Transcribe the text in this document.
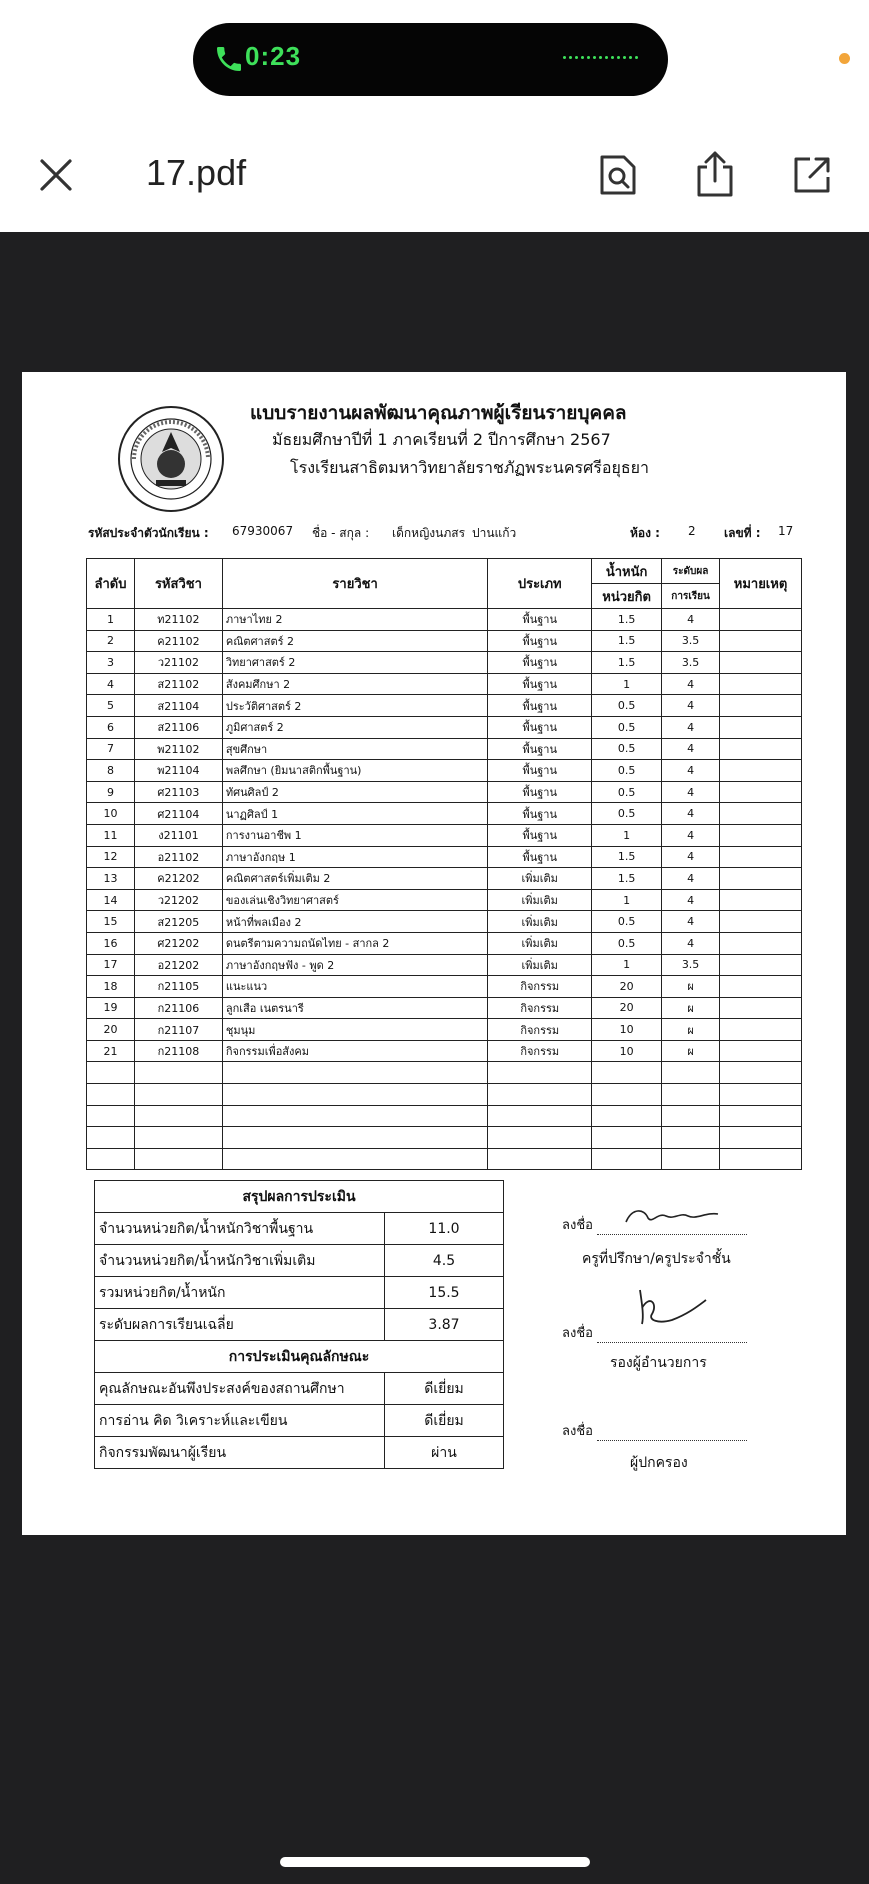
0:23
17.pdf
แบบรายงานผลพัฒนาคุณภาพผู้เรียนรายบุคคล
มัธยมศึกษาปีที่ 1 ภาคเรียนที่ 2 ปีการศึกษา 2567
โรงเรียนสาธิตมหาวิทยาลัยราชภัฏพระนครศรีอยุธยา
รหัสประจำตัวนักเรียน : 67930067 ชื่อ - สกุล : เด็กหญิงนภสร ปานแก้ว	ห้อง : 2 เลขที่ : 17
ลำดับ	รหัสวิชา	รายวิชา	ประเภท	น้ำหนัก	ระดับผล	หมายเหตุ
				หน่วยกิต	การเรียน	
1	ท21102	ภาษาไทย 2	พื้นฐาน	1.5	4	
2	ค21102	คณิตศาสตร์ 2	พื้นฐาน	1.5	3.5	
3	ว21102	วิทยาศาสตร์ 2	พื้นฐาน	1.5	3.5	
4	ส21102	สังคมศึกษา 2	พื้นฐาน	1	4	
5	ส21104	ประวัติศาสตร์ 2	พื้นฐาน	0.5	4	
6	ส21106	ภูมิศาสตร์ 2	พื้นฐาน	0.5	4	
7	พ21102	สุขศึกษา	พื้นฐาน	0.5	4	
8	พ21104	พลศึกษา (ยิมนาสติกพื้นฐาน)	พื้นฐาน	0.5	4	
9	ศ21103	ทัศนศิลป์ 2	พื้นฐาน	0.5	4	
10	ศ21104	นาฏศิลป์ 1	พื้นฐาน	0.5	4	
11	ง21101	การงานอาชีพ 1	พื้นฐาน	1	4	
12	อ21102	ภาษาอังกฤษ 1	พื้นฐาน	1.5	4	
13	ค21202	คณิตศาสตร์เพิ่มเติม 2	เพิ่มเติม	1.5	4	
14	ว21202	ของเล่นเชิงวิทยาศาสตร์	เพิ่มเติม	1	4	
15	ส21205	หน้าที่พลเมือง 2	เพิ่มเติม	0.5	4	
16	ศ21202	ดนตรีตามความถนัดไทย - สากล 2	เพิ่มเติม	0.5	4	
17	อ21202	ภาษาอังกฤษฟัง - พูด 2	เพิ่มเติม	1	3.5	
18	ก21105	แนะแนว	กิจกรรม	20	ผ	
19	ก21106	ลูกเสือ เนตรนารี	กิจกรรม	20	ผ	
20	ก21107	ชุมนุม	กิจกรรม	10	ผ	
21	ก21108	กิจกรรมเพื่อสังคม	กิจกรรม	10	ผ	

สรุปผลการประเมิน	
จำนวนหน่วยกิต/น้ำหนักวิชาพื้นฐาน	11.0
จำนวนหน่วยกิต/น้ำหนักวิชาเพิ่มเติม	4.5
รวมหน่วยกิต/น้ำหนัก	15.5
ระดับผลการเรียนเฉลี่ย	3.87
การประเมินคุณลักษณะ	
คุณลักษณะอันพึงประสงค์ของสถานศึกษา	ดีเยี่ยม
การอ่าน คิด วิเคราะห์และเขียน	ดีเยี่ยม
กิจกรรมพัฒนาผู้เรียน	ผ่าน
ลงชื่อ
ครูที่ปรึกษา/ครูประจำชั้น
ลงชื่อ
รองผู้อำนวยการ
ลงชื่อ
ผู้ปกครอง
